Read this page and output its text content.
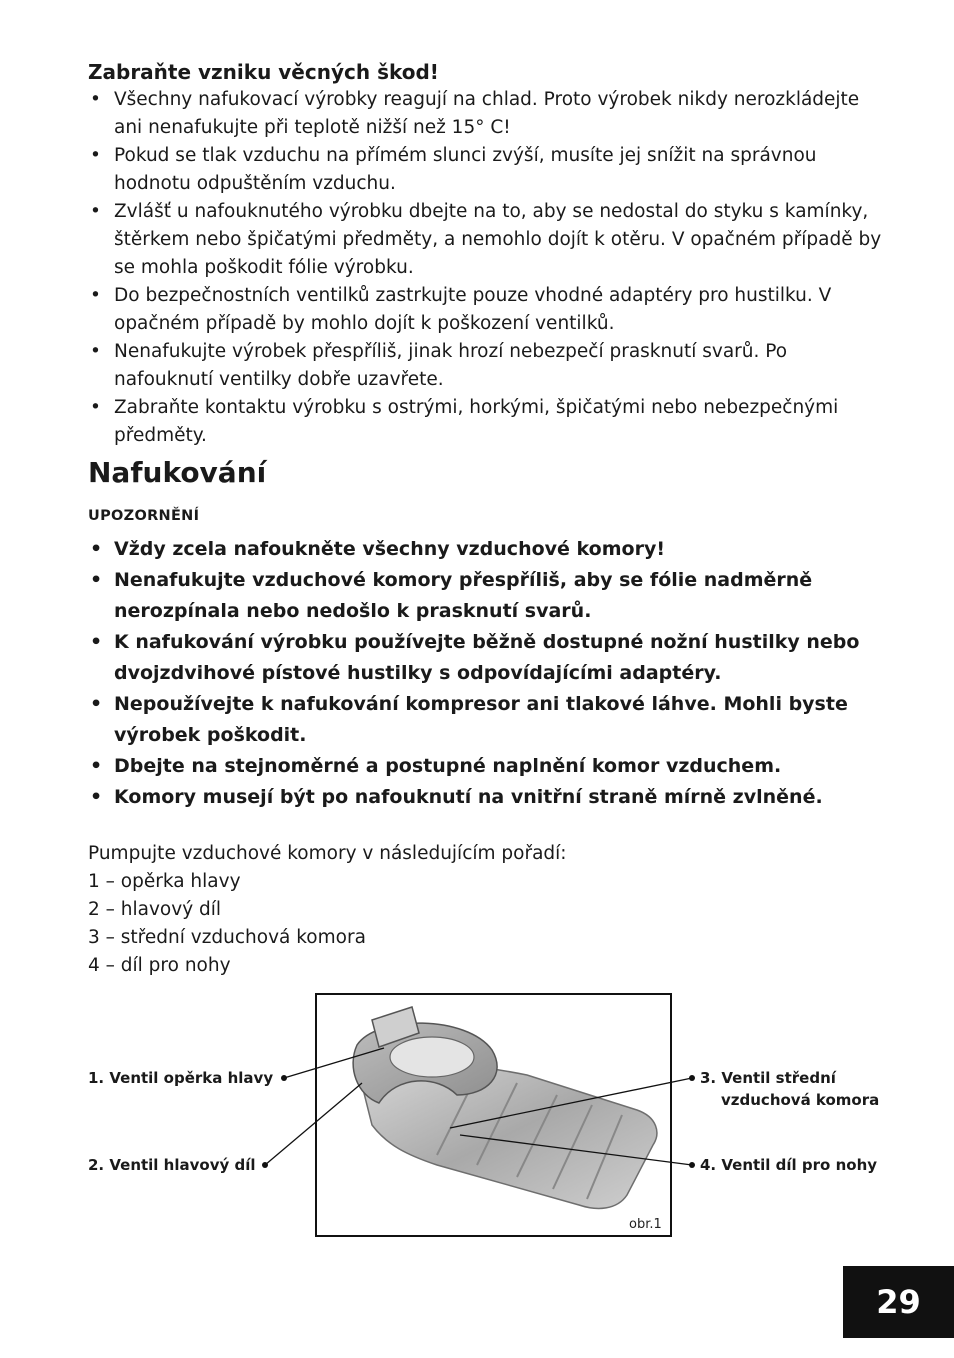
Zabraňte vzniku věcných škod!
• Všechny nafukovací výrobky reagují na chlad. Proto výrobek nikdy nerozkládejte ani nenafukujte při teplotě nižší než 15° C!
• Pokud se tlak vzduchu na přímém slunci zvýší, musíte jej snížit na správnou hodnotu odpuštěním vzduchu.
• Zvlášť u nafouknutého výrobku dbejte na to, aby se nedostal do styku s kamínky, štěrkem nebo špičatými předměty, a nemohlo dojít k otěru. V opačném případě by se mohla poškodit fólie výrobku.
• Do bezpečnostních ventilků zastrkujte pouze vhodné adaptéry pro hustilku. V opačném případě by mohlo dojít k poškození ventilků.
• Nenafukujte výrobek přespříliš, jinak hrozí nebezpečí prasknutí svarů. Po nafouknutí ventilky dobře uzavřete.
• Zabraňte kontaktu výrobku s ostrými, horkými, špičatými nebo nebezpečnými předměty.
Nafukování
UPOZORNĚNÍ
• Vždy zcela nafoukněte všechny vzduchové komory!
• Nenafukujte vzduchové komory přespříliš, aby se fólie nadměrně nerozpínala nebo nedošlo k prasknutí svarů.
• K nafukování výrobku používejte běžně dostupné nožní hustilky nebo dvojzdvihové pístové hustilky s odpovídajícími adaptéry.
• Nepoužívejte k nafukování kompresor ani tlakové láhve. Mohli byste výrobek poškodit.
• Dbejte na stejnoměrné a postupné naplnění komor vzduchem.
• Komory musejí být po nafouknutí na vnitřní straně mírně zvlněné.
Pumpujte vzduchové komory v následujícím pořadí:
1 – opěrka hlavy
2 – hlavový díl
3 – střední vzduchová komora
4 – díl pro nohy
obr.1
1. Ventil opěrka hlavy
2. Ventil hlavový díl
3. Ventil střední
vzduchová komora
4. Ventil díl pro nohy
29
